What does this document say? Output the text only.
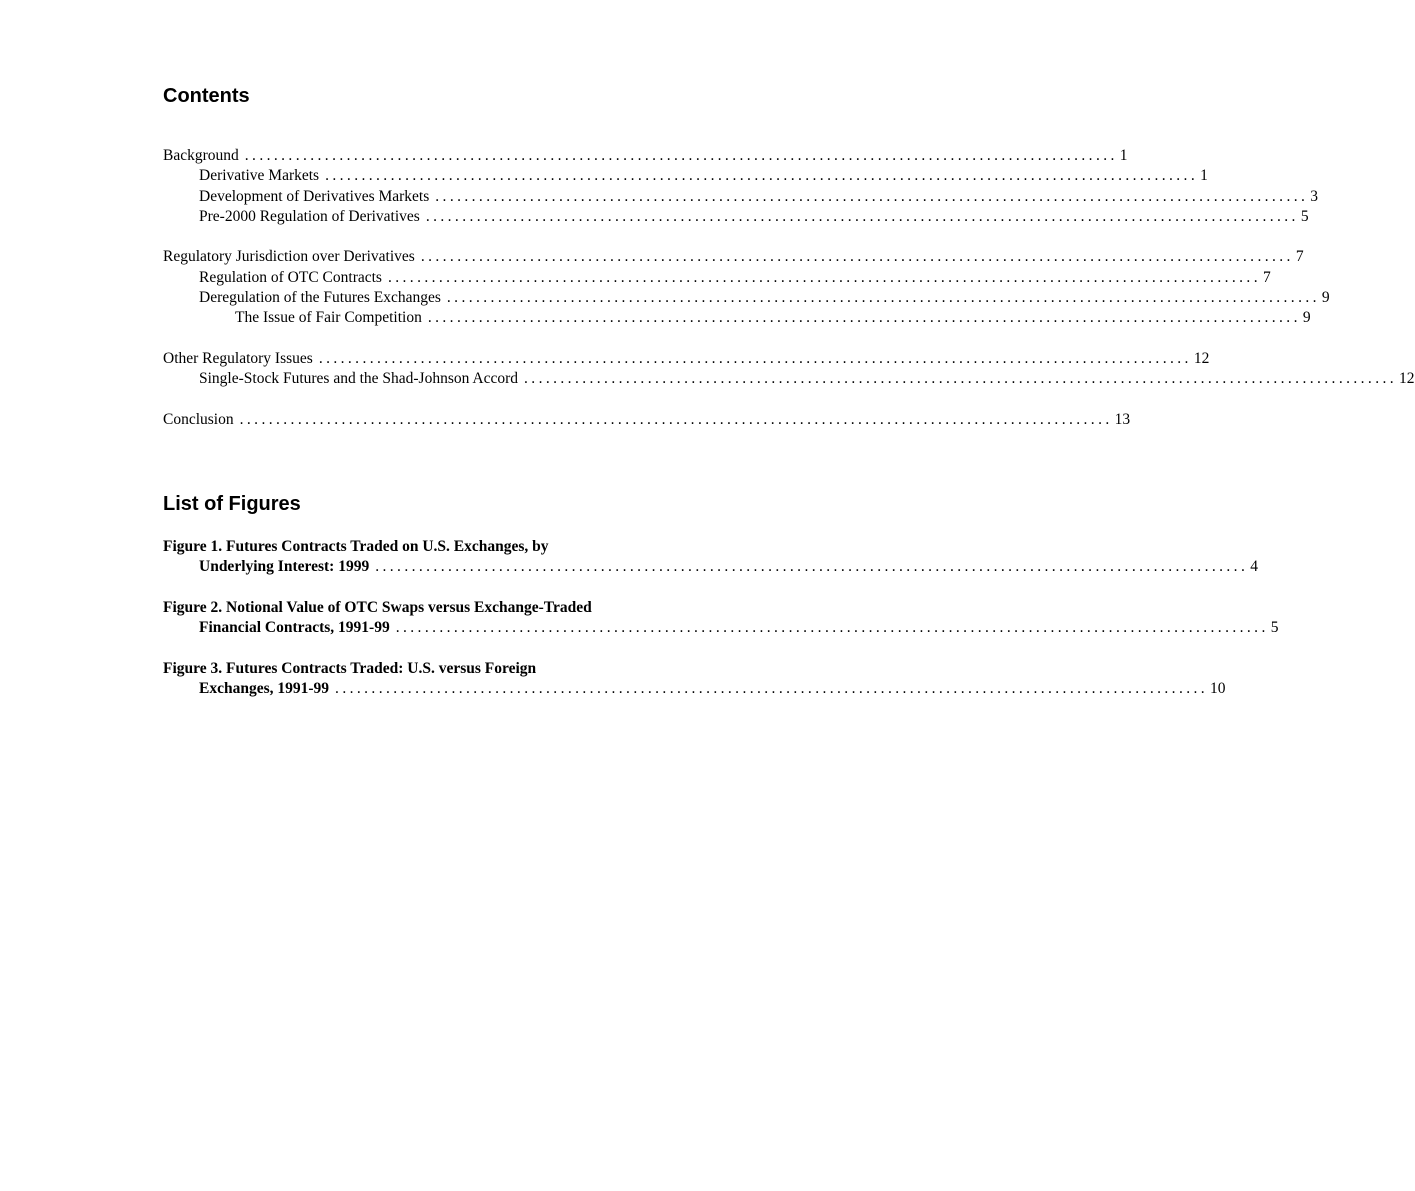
Contents
Background ........................................................................................................................ 1
Derivative Markets ........................................................................................................................ 1
Development of Derivatives Markets ........................................................................................................................ 3
Pre-2000 Regulation of Derivatives ........................................................................................................................ 5
Regulatory Jurisdiction over Derivatives ........................................................................................................................ 7
Regulation of OTC Contracts ........................................................................................................................ 7
Deregulation of the Futures Exchanges ........................................................................................................................ 9
The Issue of Fair Competition ........................................................................................................................ 9
Other Regulatory Issues ........................................................................................................................ 12
Single-Stock Futures and the Shad-Johnson Accord ........................................................................................................................ 12
Conclusion ........................................................................................................................ 13
List of Figures
Figure 1. Futures Contracts Traded on U.S. Exchanges, by
Underlying Interest: 1999 ........................................................................................................................ 4
Figure 2. Notional Value of OTC Swaps versus Exchange-Traded
Financial Contracts, 1991-99 ........................................................................................................................ 5
Figure 3. Futures Contracts Traded: U.S. versus Foreign
Exchanges, 1991-99 ........................................................................................................................ 10
